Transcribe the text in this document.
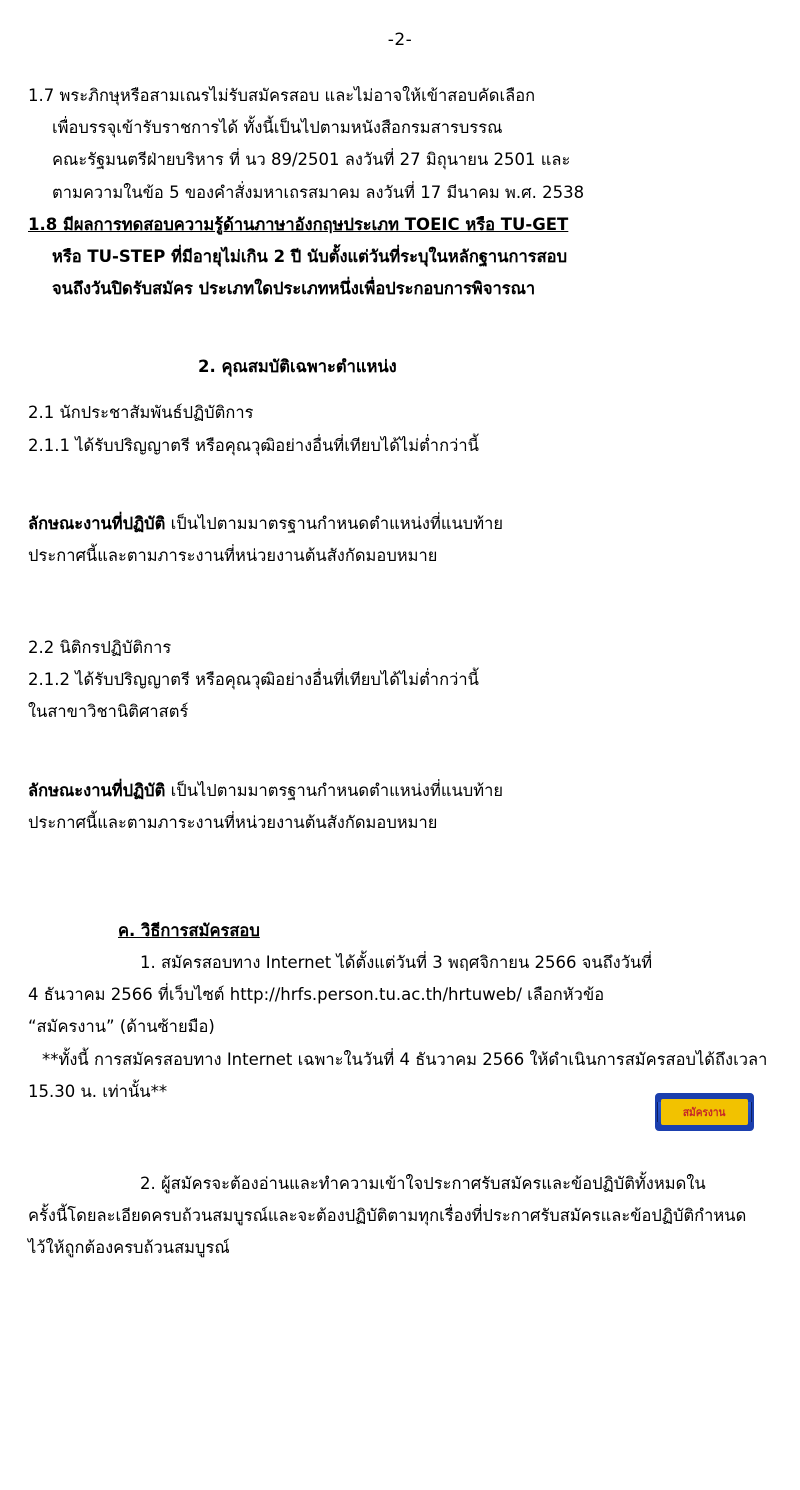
-2-
1.7 พระภิกษุหรือสามเณรไม่รับสมัครสอบ และไม่อาจให้เข้าสอบคัดเลือก
เพื่อบรรจุเข้ารับราชการได้ ทั้งนี้เป็นไปตามหนังสือกรมสารบรรณ
คณะรัฐมนตรีฝ่ายบริหาร ที่ นว 89/2501 ลงวันที่ 27 มิถุนายน 2501 และ
ตามความในข้อ 5 ของคำสั่งมหาเถรสมาคม ลงวันที่ 17 มีนาคม พ.ศ. 2538
1.8 มีผลการทดสอบความรู้ด้านภาษาอังกฤษประเภท TOEIC หรือ TU-GET
หรือ TU-STEP ที่มีอายุไม่เกิน 2 ปี นับตั้งแต่วันที่ระบุในหลักฐานการสอบ
จนถึงวันปิดรับสมัคร ประเภทใดประเภทหนึ่งเพื่อประกอบการพิจารณา
2. คุณสมบัติเฉพาะตำแหน่ง
2.1 นักประชาสัมพันธ์ปฏิบัติการ
2.1.1 ได้รับปริญญาตรี หรือคุณวุฒิอย่างอื่นที่เทียบได้ไม่ต่ำกว่านี้
ลักษณะงานที่ปฏิบัติ เป็นไปตามมาตรฐานกำหนดตำแหน่งที่แนบท้าย
ประกาศนี้และตามภาระงานที่หน่วยงานต้นสังกัดมอบหมาย
2.2 นิติกรปฏิบัติการ
2.1.2 ได้รับปริญญาตรี หรือคุณวุฒิอย่างอื่นที่เทียบได้ไม่ต่ำกว่านี้
ในสาขาวิชานิติศาสตร์
ลักษณะงานที่ปฏิบัติ เป็นไปตามมาตรฐานกำหนดตำแหน่งที่แนบท้าย
ประกาศนี้และตามภาระงานที่หน่วยงานต้นสังกัดมอบหมาย
ค. วิธีการสมัครสอบ
1. สมัครสอบทาง Internet ได้ตั้งแต่วันที่ 3 พฤศจิกายน 2566 จนถึงวันที่
4 ธันวาคม 2566 ที่เว็บไซต์ http://hrfs.person.tu.ac.th/hrtuweb/ เลือกหัวข้อ
“สมัครงาน” (ด้านซ้ายมือ)
**ทั้งนี้ การสมัครสอบทาง Internet เฉพาะในวันที่ 4 ธันวาคม 2566 ให้ดำเนินการสมัครสอบได้ถึงเวลา
15.30 น. เท่านั้น**
2. ผู้สมัครจะต้องอ่านและทำความเข้าใจประกาศรับสมัครและข้อปฏิบัติทั้งหมดใน
ครั้งนี้โดยละเอียดครบถ้วนสมบูรณ์และจะต้องปฏิบัติตามทุกเรื่องที่ประกาศรับสมัครและข้อปฏิบัติกำหนด
ไว้ให้ถูกต้องครบถ้วนสมบูรณ์
สมัครงาน
